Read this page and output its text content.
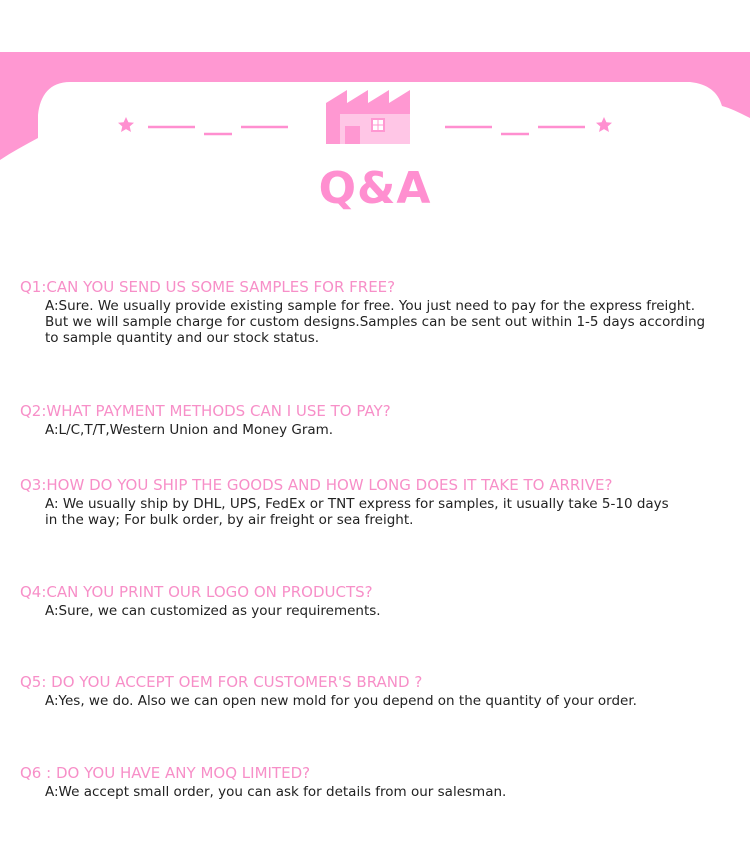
Q&A

Q1:CAN YOU SEND US SOME SAMPLES FOR FREE?

A:Sure. We usually provide existing sample for free. You just need to pay for the express freight.
But we will sample charge for custom designs.Samples can be sent out within 1-5 days according
to sample quantity and our stock status.

Q2:WHAT PAYMENT METHODS CAN I USE TO PAY?

A:L/C,T/T,Western Union and Money Gram.

Q3:HOW DO YOU SHIP THE GOODS AND HOW LONG DOES IT TAKE TO ARRIVE?

A: We usually ship by DHL, UPS, FedEx or TNT express for samples, it usually take 5-10 days
in the way; For bulk order, by air freight or sea freight.

Q4:CAN YOU PRINT OUR LOGO ON PRODUCTS?

A:Sure, we can customized as your requirements.

Q5: DO YOU ACCEPT OEM FOR CUSTOMER'S BRAND ?

A:Yes, we do. Also we can open new mold for you depend on the quantity of your order.

Q6 : DO YOU HAVE ANY MOQ LIMITED?

A:We accept small order, you can ask for details from our salesman.
